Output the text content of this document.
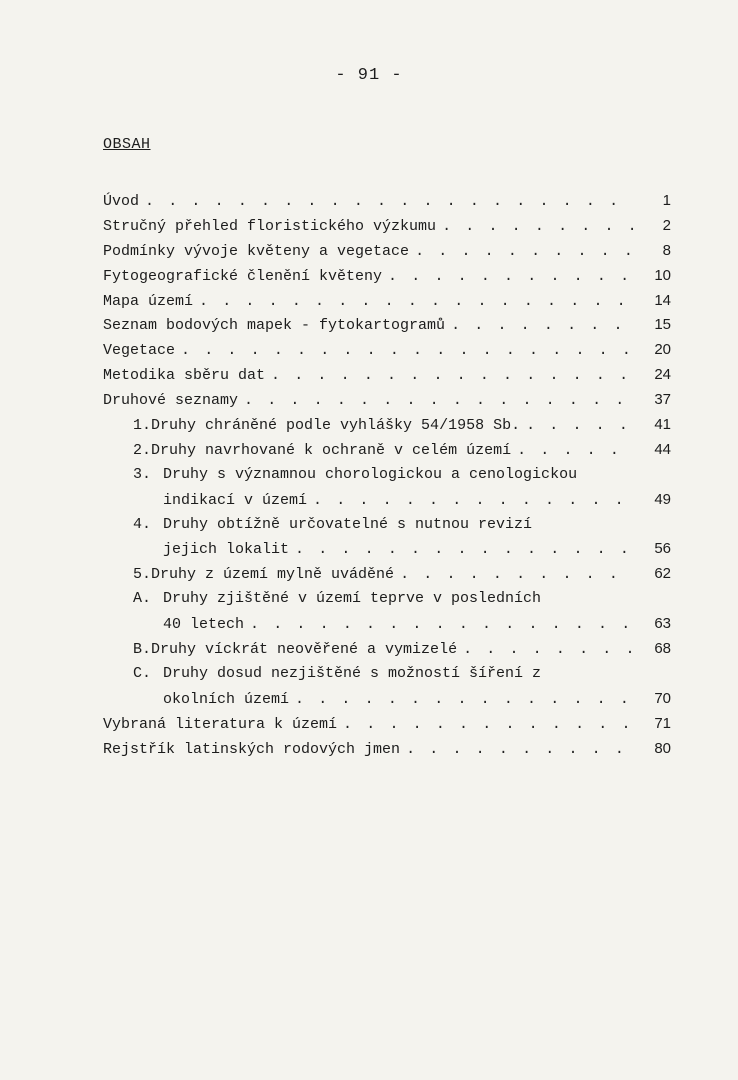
- 91 -
OBSAH
Úvod . . .	1
Stručný přehled floristického výzkumu . . .	2
Podmínky vývoje květeny a vegetace . . .	8
Fytogeografické členění květeny . . .	10
Mapa území . . .	14
Seznam bodových mapek - fytokartogramů . . .	15
Vegetace . . .	20
Metodika sběru dat . . .	24
Druhové seznamy . . .	37
1. Druhy chráněné podle vyhlášky 54/1958 Sb. . . .	41
2. Druhy navrhované k ochraně v celém území . . .	44
3. Druhy s významnou chorologickou a cenologickou
indikací v území . . .	49
4. Druhy obtížně určovatelné s nutnou revizí
jejich lokalit . . .	56
5. Druhy z území mylně uváděné . . .	62
A. Druhy zjištěné v území teprve v posledních
40 letech . . .	63
B. Druhy víckrát neověřené a vymizelé . . .	68
C. Druhy dosud nezjištěné s možností šíření z
okolních území . . .	70
Vybraná literatura k území . . .	71
Rejstřík latinských rodových jmen . . .	80
